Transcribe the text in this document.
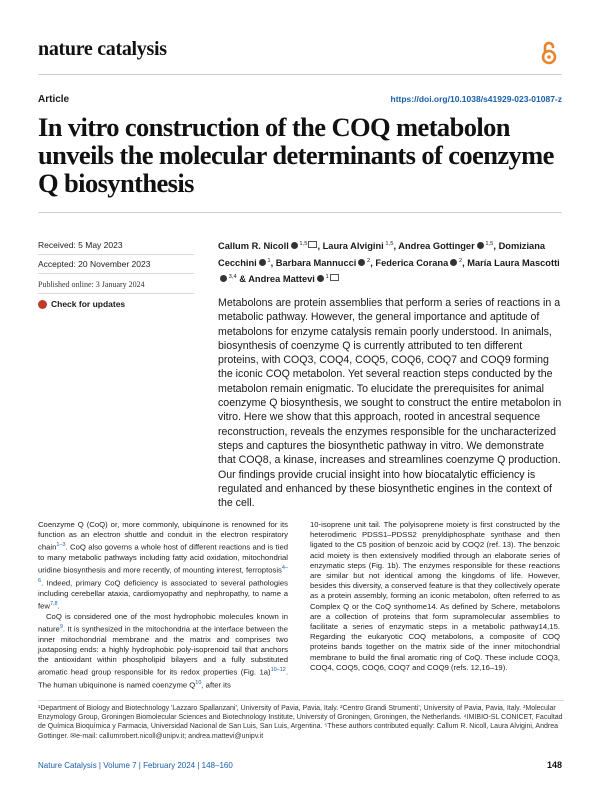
nature catalysis
Article	https://doi.org/10.1038/s41929-023-01087-z
In vitro construction of the COQ metabolon unveils the molecular determinants of coenzyme Q biosynthesis
Received: 5 May 2023
Accepted: 20 November 2023
Published online: 3 January 2024
Check for updates
Callum R. Nicoll $^{1,5}$ , Laura Alvigini $^{1,5}$, Andrea Gottinger $^{1,5}$, Domiziana Cecchini $^1$, Barbara Mannucci $^2$, Federica Corana $^2$, María Laura Mascotti $^{3,4}$ & Andrea Mattevi $^1$
Metabolons are protein assemblies that perform a series of reactions in a metabolic pathway. However, the general importance and aptitude of metabolons for enzyme catalysis remain poorly understood. In animals, biosynthesis of coenzyme Q is currently attributed to ten different proteins, with COQ3, COQ4, COQ5, COQ6, COQ7 and COQ9 forming the iconic COQ metabolon. Yet several reaction steps conducted by the metabolon remain enigmatic. To elucidate the prerequisites for animal coenzyme Q biosynthesis, we sought to construct the entire metabolon in vitro. Here we show that this approach, rooted in ancestral sequence reconstruction, reveals the enzymes responsible for the uncharacterized steps and captures the biosynthetic pathway in vitro. We demonstrate that COQ8, a kinase, increases and streamlines coenzyme Q production. Our findings provide crucial insight into how biocatalytic efficiency is regulated and enhanced by these biosynthetic engines in the context of the cell.

Coenzyme Q (CoQ) or, more commonly, ubiquinone is renowned for its function as an electron shuttle and conduit in the electron respiratory chain$^{1-3}$. CoQ also governs a whole host of different reactions and is tied to many metabolic pathways including fatty acid oxidation, mitochondrial uridine biosynthesis and more recently, of mounting interest, ferroptosis$^{4-6}$. Indeed, primary CoQ deficiency is associated to several pathologies including cerebellar ataxia, cardiomyopathy and nephropathy, to name a few$^{7,8}$.

CoQ is considered one of the most hydrophobic molecules known in nature$^9$. It is synthesized in the mitochondria at the interface between the inner mitochondrial membrane and the matrix and comprises two juxtaposing ends: a highly hydrophobic poly-isoprenoid tail that anchors the antioxidant within phospholipid bilayers and a fully substituted aromatic head group responsible for its redox properties (Fig. 1a)$^{10-12}$. The human ubiquinone is named coenzyme $Q^{10}$, after its

10-isoprene unit tail. The polyisoprene moiety is first constructed by the heterodimeric PDSS1–PDSS2 prenyldiphosphate synthase and then ligated to the C5 position of benzoic acid by COQ2 (ref. 13). The benzoic acid moiety is then extensively modified through an elaborate series of enzymatic steps (Fig. 1b). The enzymes responsible for these reactions are similar but not identical among the kingdoms of life. However, besides this diversity, a conserved feature is that they collectively operate as a protein assembly, forming an iconic metabolon, often referred to as Complex Q or the CoQ synthome14. As defined by Schere, metabolons are a collection of proteins that form supramolecular assemblies to facilitate a series of enzymatic steps in a metabolic pathway14,15. Regarding the eukaryotic COQ metabolons, a composite of COQ proteins bands together on the matrix side of the inner mitochondrial membrane to build the final aromatic ring of CoQ. These include COQ3, COQ4, COQ5, COQ6, COQ7 and COQ9 (refs. 12,16–19).

¹Department of Biology and Biotechnology 'Lazzaro Spallanzani', University of Pavia, Pavia, Italy. ²Centro Grandi Strumenti', University of Pavia, Pavia, Italy. ³Molecular Enzymology Group, Groningen Biomolecular Sciences and Biotechnology Institute, University of Groningen, Groningen, the Netherlands. ⁴IMIBIO-SL CONICET, Facultad de Química Bioquímica y Farmacia, Universidad Nacional de San Luis, San Luis, Argentina. ⁵These authors contributed equally: Callum R. Nicoll, Laura Alvigini, Andrea Gottinger. ✉e-mail: callumrobert.nicoll@unipv.it; andrea.mattevi@unipv.it
Nature Catalysis | Volume 7 | February 2024 | 148–160	148
